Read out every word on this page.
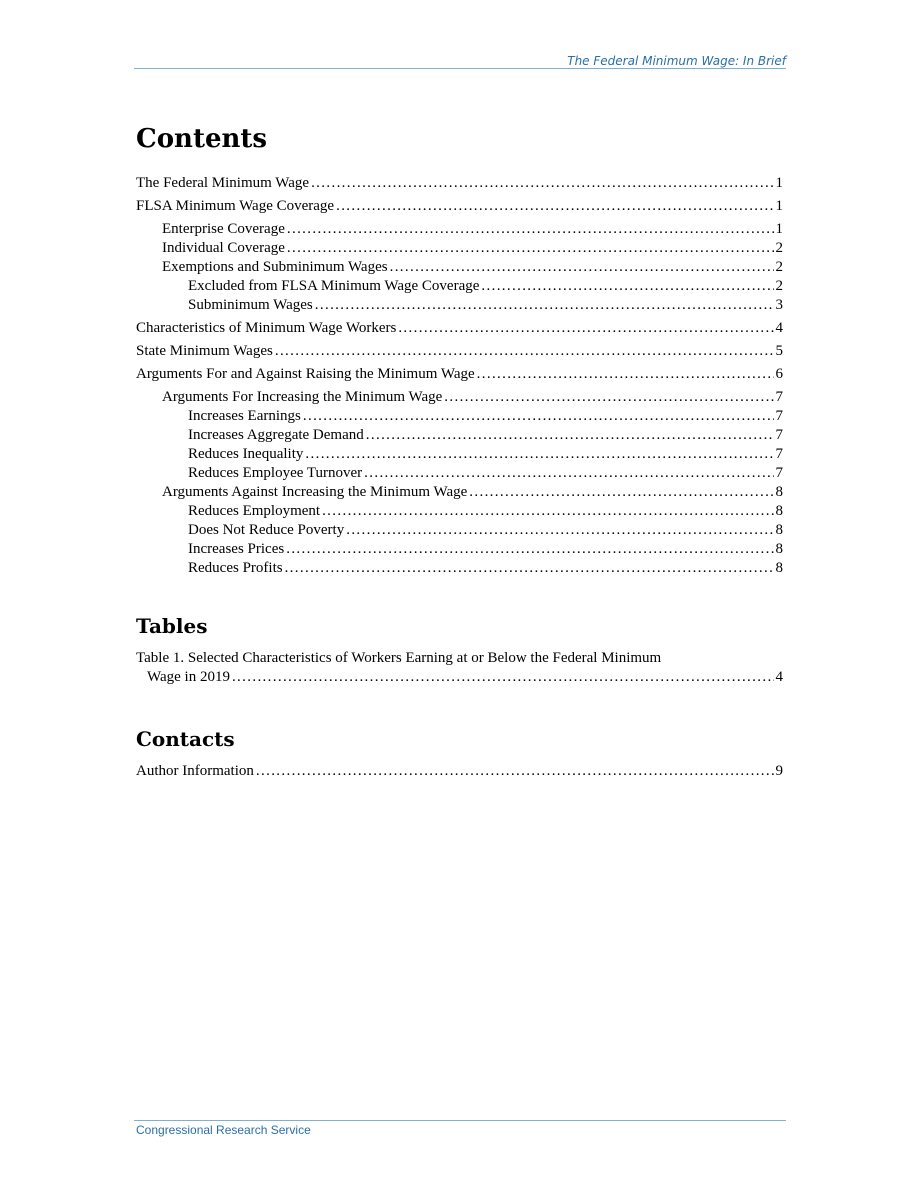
The Federal Minimum Wage: In Brief
Contents
The Federal Minimum Wage . . .	1
FLSA Minimum Wage Coverage . . .	1
Enterprise Coverage . . .	1
Individual Coverage . . .	2
Exemptions and Subminimum Wages . . .	2
Excluded from FLSA Minimum Wage Coverage . . .	2
Subminimum Wages . . .	3
Characteristics of Minimum Wage Workers . . .	4
State Minimum Wages . . .	5
Arguments For and Against Raising the Minimum Wage . . .	6
Arguments For Increasing the Minimum Wage . . .	7
Increases Earnings . . .	7
Increases Aggregate Demand . . .	7
Reduces Inequality . . .	7
Reduces Employee Turnover . . .	7
Arguments Against Increasing the Minimum Wage . . .	8
Reduces Employment . . .	8
Does Not Reduce Poverty . . .	8
Increases Prices . . .	8
Reduces Profits . . .	8
Tables
Table 1. Selected Characteristics of Workers Earning at or Below the Federal Minimum
Wage in 2019 . . .	4
Contacts
Author Information . . .	9
Congressional Research Service
